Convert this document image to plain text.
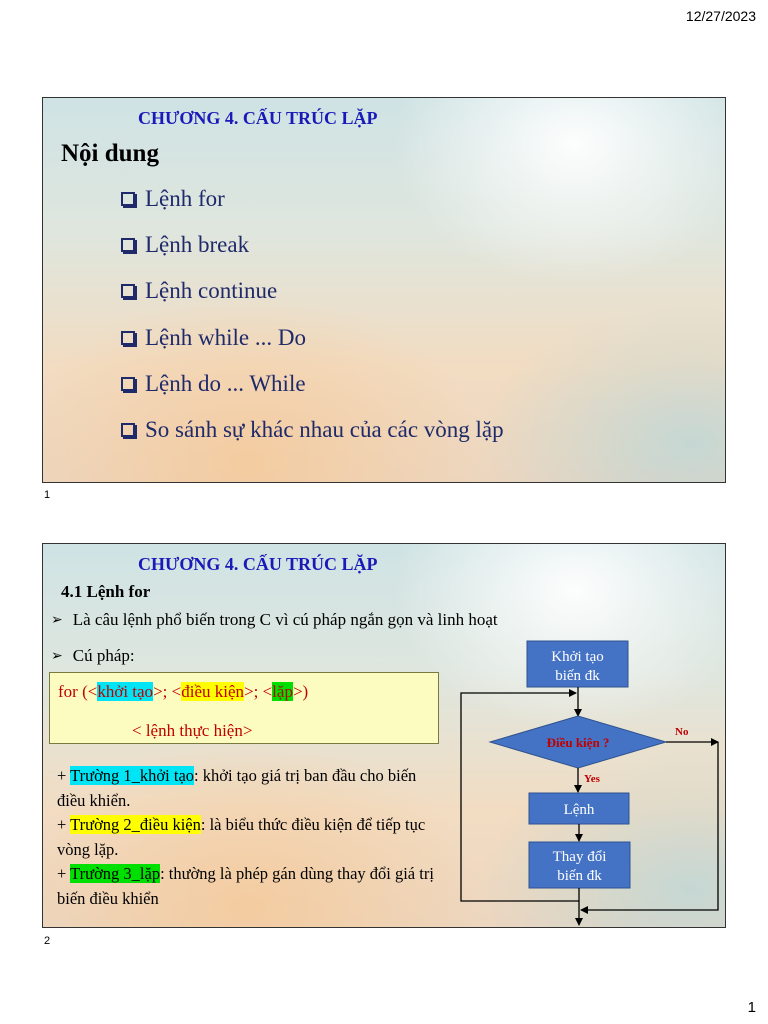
12/27/2023
CHƯƠNG 4. CẤU TRÚC LẶP
Nội dung
Lệnh for
Lệnh break
Lệnh continue
Lệnh while ... Do
Lệnh do ... While
So sánh sự khác nhau của các vòng lặp
1
CHƯƠNG 4. CẤU TRÚC LẶP
4.1 Lệnh for
➢ Là câu lệnh phổ biến trong C vì cú pháp ngắn gọn và linh hoạt
➢ Cú pháp:
for (<khởi tạo>; <điều kiện>; <lặp>)
< lệnh thực hiện>

+ Trường 1_khởi tạo: khởi tạo giá trị ban đầu cho biến điều khiển.

+ Trường 2_điều kiện: là biểu thức điều kiện để tiếp tục vòng lặp.

+ Trường 3_lặp: thường là phép gán dùng thay đổi giá trị biến điều khiển

Khởi tạo
biến đk
Điều kiện ?
Yes
Lệnh
Thay đổi
biến đk
No
2
1
